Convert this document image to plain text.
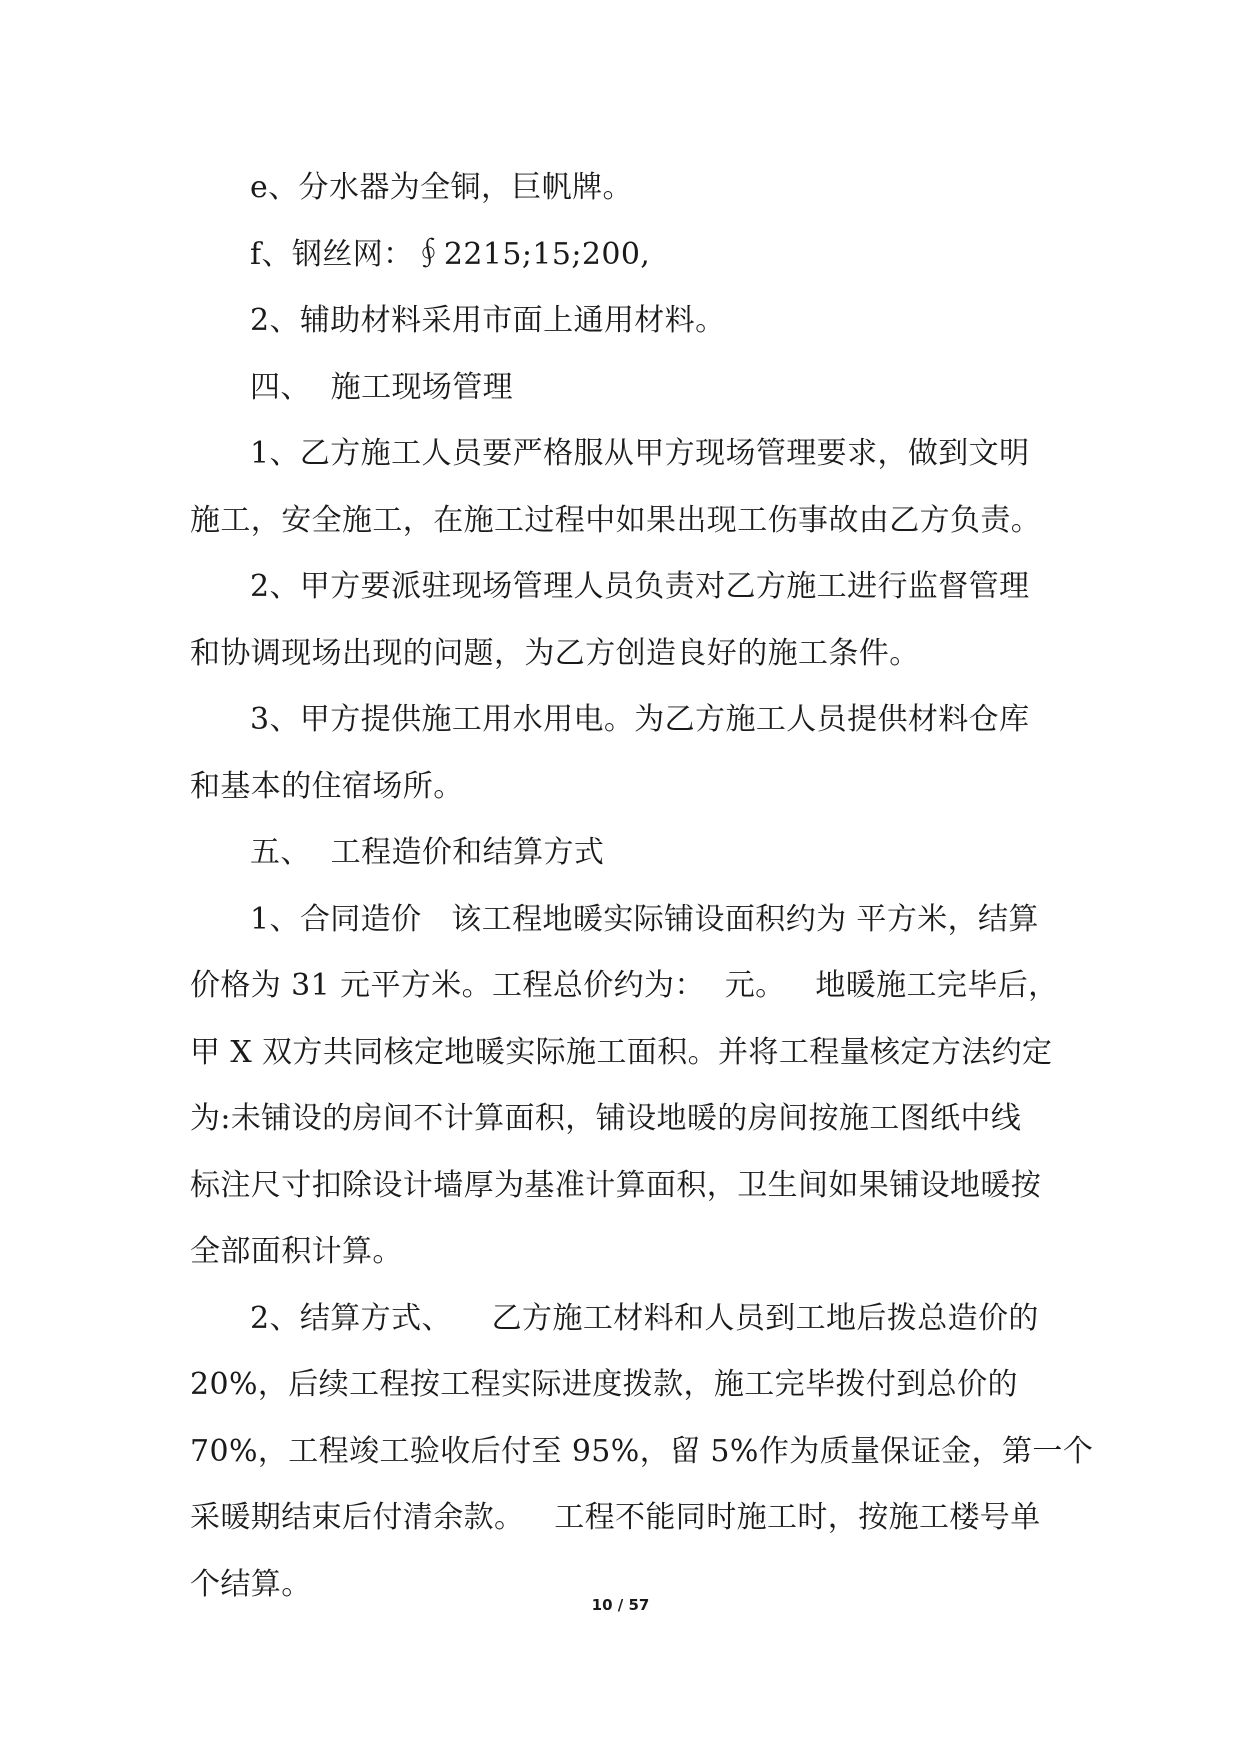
e、分水器为全铜，巨帆牌。
f、钢丝网：∮2215;15;200,
2、辅助材料采用市面上通用材料。
四、  施工现场管理
1、乙方施工人员要严格服从甲方现场管理要求，做到文明
施工，安全施工，在施工过程中如果出现工伤事故由乙方负责。
2、甲方要派驻现场管理人员负责对乙方施工进行监督管理
和协调现场出现的问题，为乙方创造良好的施工条件。
3、甲方提供施工用水用电。为乙方施工人员提供材料仓库
和基本的住宿场所。
五、  工程造价和结算方式
1、合同造价   该工程地暖实际铺设面积约为 平方米，结算
价格为 31 元平方米。工程总价约为：  元。   地暖施工完毕后，
甲 X 双方共同核定地暖实际施工面积。并将工程量核定方法约定
为:未铺设的房间不计算面积，铺设地暖的房间按施工图纸中线
标注尺寸扣除设计墙厚为基准计算面积，卫生间如果铺设地暖按
全部面积计算。
2、结算方式、    乙方施工材料和人员到工地后拨总造价的
20%，后续工程按工程实际进度拨款，施工完毕拨付到总价的
70%，工程竣工验收后付至 95%，留 5%作为质量保证金，第一个
采暖期结束后付清余款。   工程不能同时施工时，按施工楼号单
个结算。
10 / 57
